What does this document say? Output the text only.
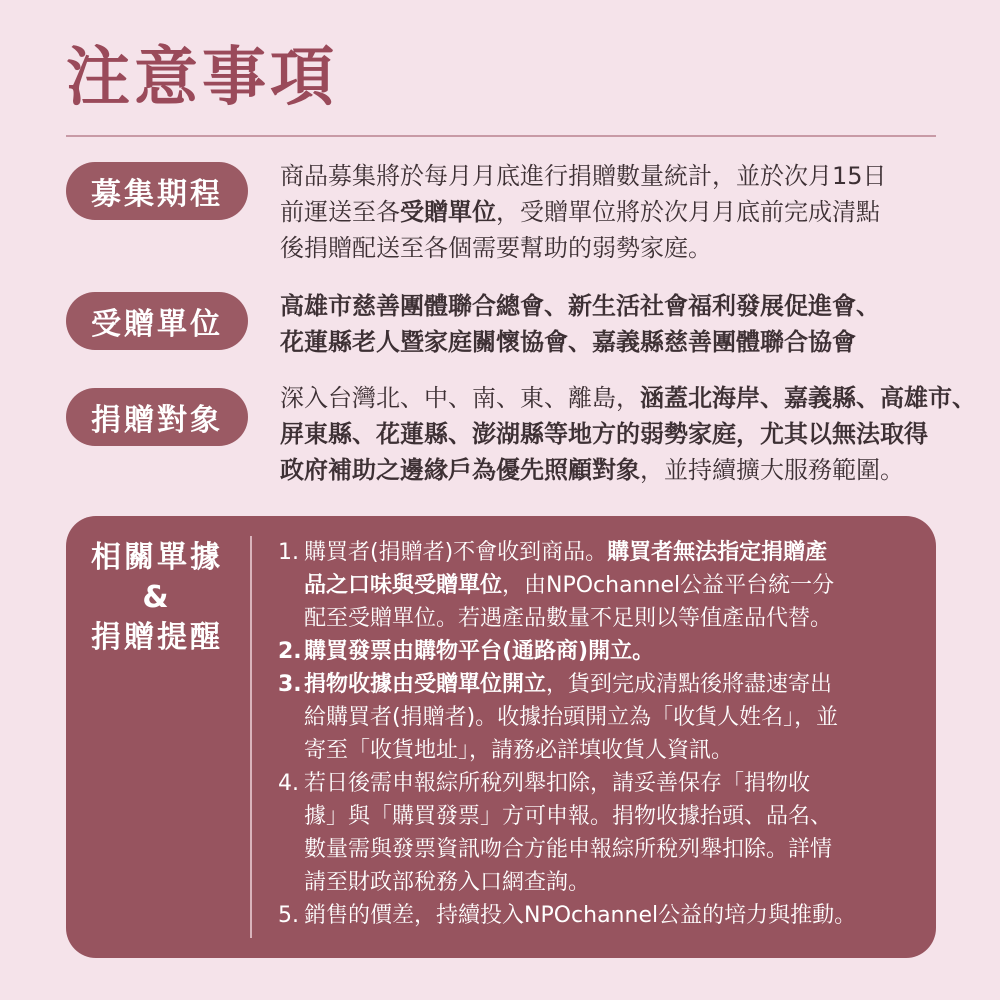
注意事項
募集期程
商品募集將於每月月底進行捐贈數量統計，並於次月15日
前運送至各受贈單位，受贈單位將於次月月底前完成清點
後捐贈配送至各個需要幫助的弱勢家庭。
受贈單位
高雄市慈善團體聯合總會、新生活社會福利發展促進會、
花蓮縣老人暨家庭關懷協會、嘉義縣慈善團體聯合協會
捐贈對象
深入台灣北、中、南、東、離島，涵蓋北海岸、嘉義縣、高雄市、
屏東縣、花蓮縣、澎湖縣等地方的弱勢家庭，尤其以無法取得
政府補助之邊緣戶為優先照顧對象，並持續擴大服務範圍。
相關單據
&
捐贈提醒
1. 購買者(捐贈者)不會收到商品。購買者無法指定捐贈產
品之口味與受贈單位，由NPOchannel公益平台統一分
配至受贈單位。若遇產品數量不足則以等值產品代替。
2. 購買發票由購物平台(通路商)開立。
3. 捐物收據由受贈單位開立，貨到完成清點後將盡速寄出
給購買者(捐贈者)。收據抬頭開立為「收貨人姓名」，並
寄至「收貨地址」，請務必詳填收貨人資訊。
4. 若日後需申報綜所稅列舉扣除，請妥善保存「捐物收
據」與「購買發票」方可申報。捐物收據抬頭、品名、
數量需與發票資訊吻合方能申報綜所稅列舉扣除。詳情
請至財政部稅務入口網查詢。
5. 銷售的價差，持續投入NPOchannel公益的培力與推動。
